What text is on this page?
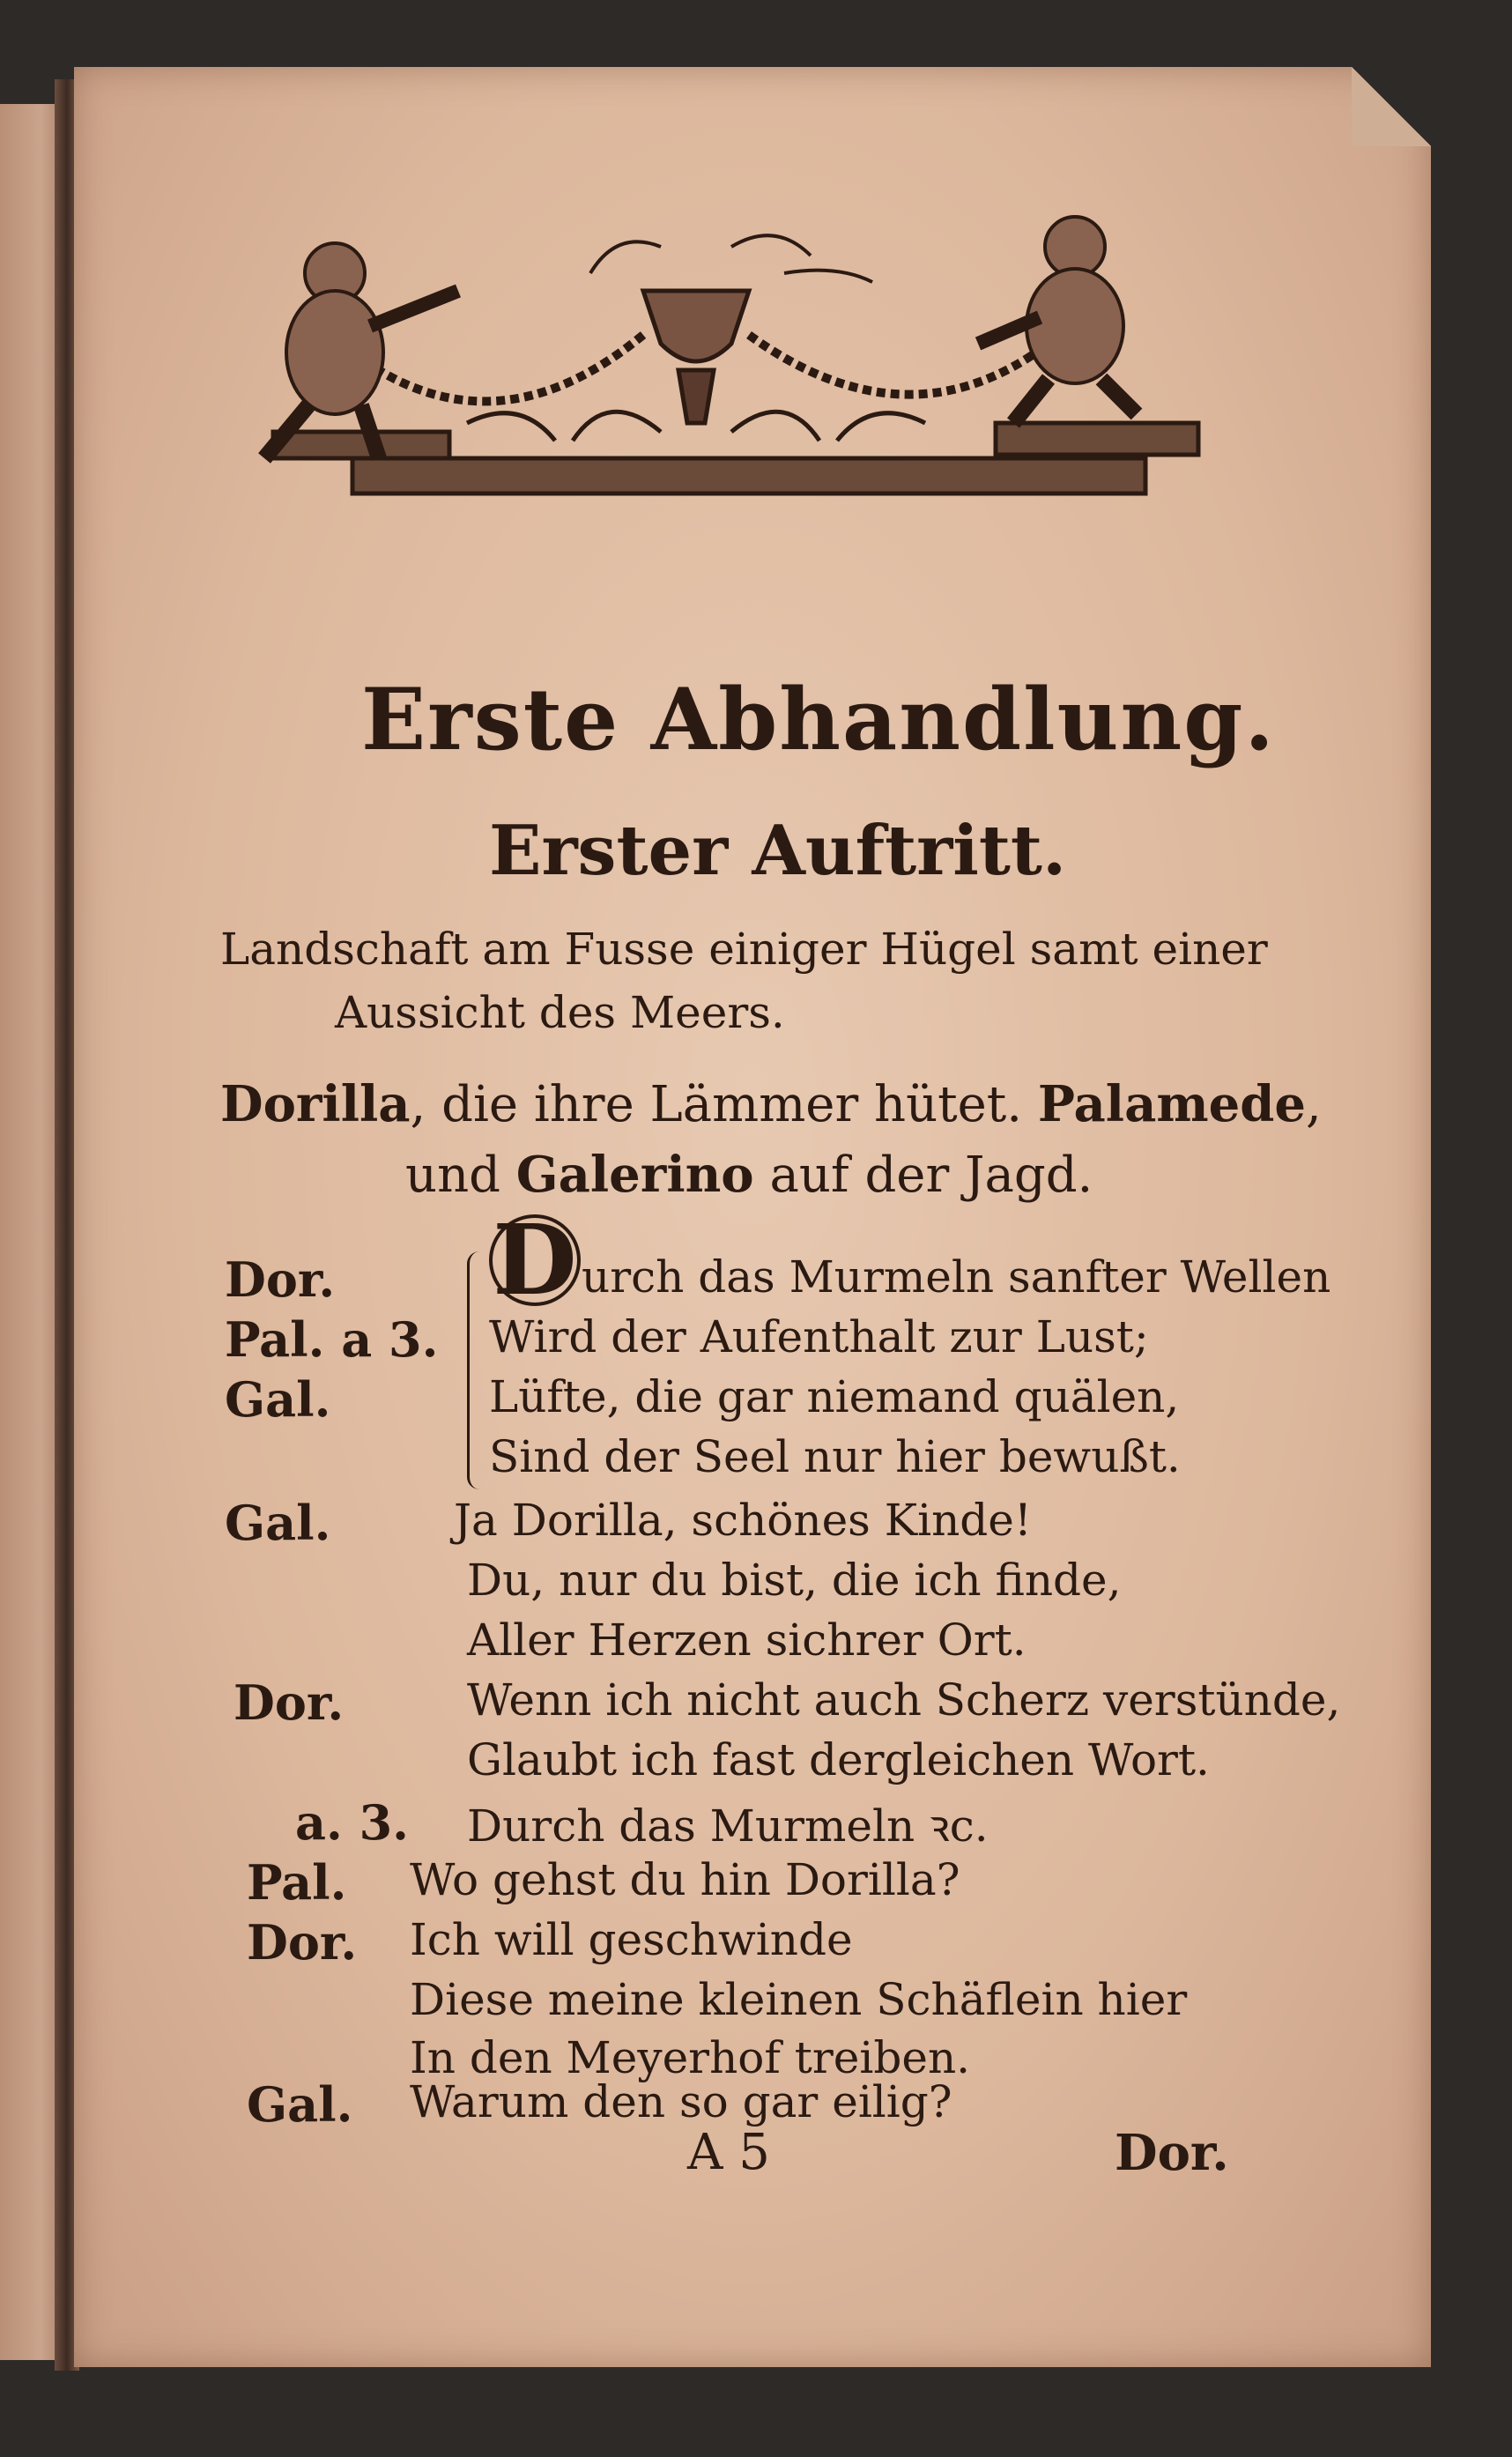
Erste Abhandlung.
Erster Auftritt.

Landschaft am Fusse einiger Hügel samt einer

Aussicht des Meers.

Dorilla, die ihre Lämmer hütet. Palamede,

und Galerino auf der Jagd.

D
Dor.	urch das Murmeln sanfter Wellen
Pal. a 3. Wird der Aufenthalt zur Lust;
Gal.	Lüfte, die gar niemand quälen,
Sind der Seel nur hier bewußt.
Gal.	Ja Dorilla, schönes Kinde!
Du, nur du bist, die ich finde,
Aller Herzen sichrer Ort.
Dor.	Wenn ich nicht auch Scherz verstünde,
Glaubt ich fast dergleichen Wort.
a. 3. Durch das Murmeln ꝛc.
Pal. Wo gehst du hin Dorilla?
Dor. Ich will geschwinde
Diese meine kleinen Schäflein hier
In den Meyerhof treiben.
Gal. Warum den so gar eilig?
A 5	Dor.
